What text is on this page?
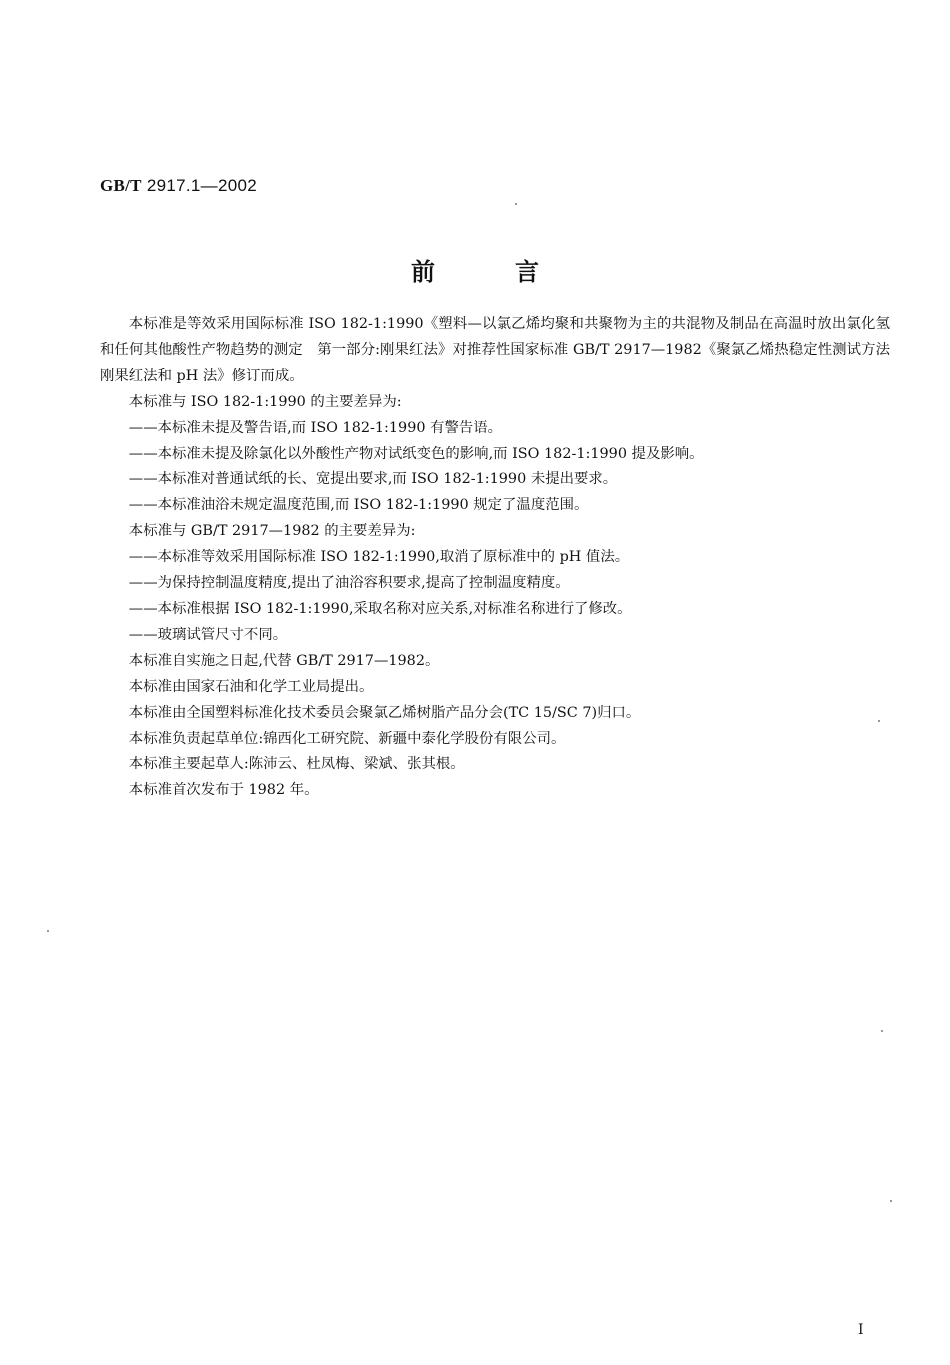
GB/T 2917.1—2002
前言

本标准是等效采用国际标准 ISO 182-1:1990《塑料—以氯乙烯均聚和共聚物为主的共混物及制品在高温时放出氯化氢和任何其他酸性产物趋势的测定　第一部分:刚果红法》对推荐性国家标准 GB/T 2917—1982《聚氯乙烯热稳定性测试方法　刚果红法和 pH 法》修订而成。

本标准与 ISO 182-1:1990 的主要差异为:

——本标准未提及警告语,而 ISO 182-1:1990 有警告语。

——本标准未提及除氯化以外酸性产物对试纸变色的影响,而 ISO 182-1:1990 提及影响。

——本标准对普通试纸的长、宽提出要求,而 ISO 182-1:1990 未提出要求。

——本标准油浴未规定温度范围,而 ISO 182-1:1990 规定了温度范围。

本标准与 GB/T 2917—1982 的主要差异为:

——本标准等效采用国际标准 ISO 182-1:1990,取消了原标准中的 pH 值法。

——为保持控制温度精度,提出了油浴容积要求,提高了控制温度精度。

——本标准根据 ISO 182-1:1990,采取名称对应关系,对标准名称进行了修改。

——玻璃试管尺寸不同。

本标准自实施之日起,代替 GB/T 2917—1982。

本标准由国家石油和化学工业局提出。

本标准由全国塑料标准化技术委员会聚氯乙烯树脂产品分会(TC 15/SC 7)归口。

本标准负责起草单位:锦西化工研究院、新疆中泰化学股份有限公司。

本标准主要起草人:陈沛云、杜凤梅、梁斌、张其根。

本标准首次发布于 1982 年。

I
